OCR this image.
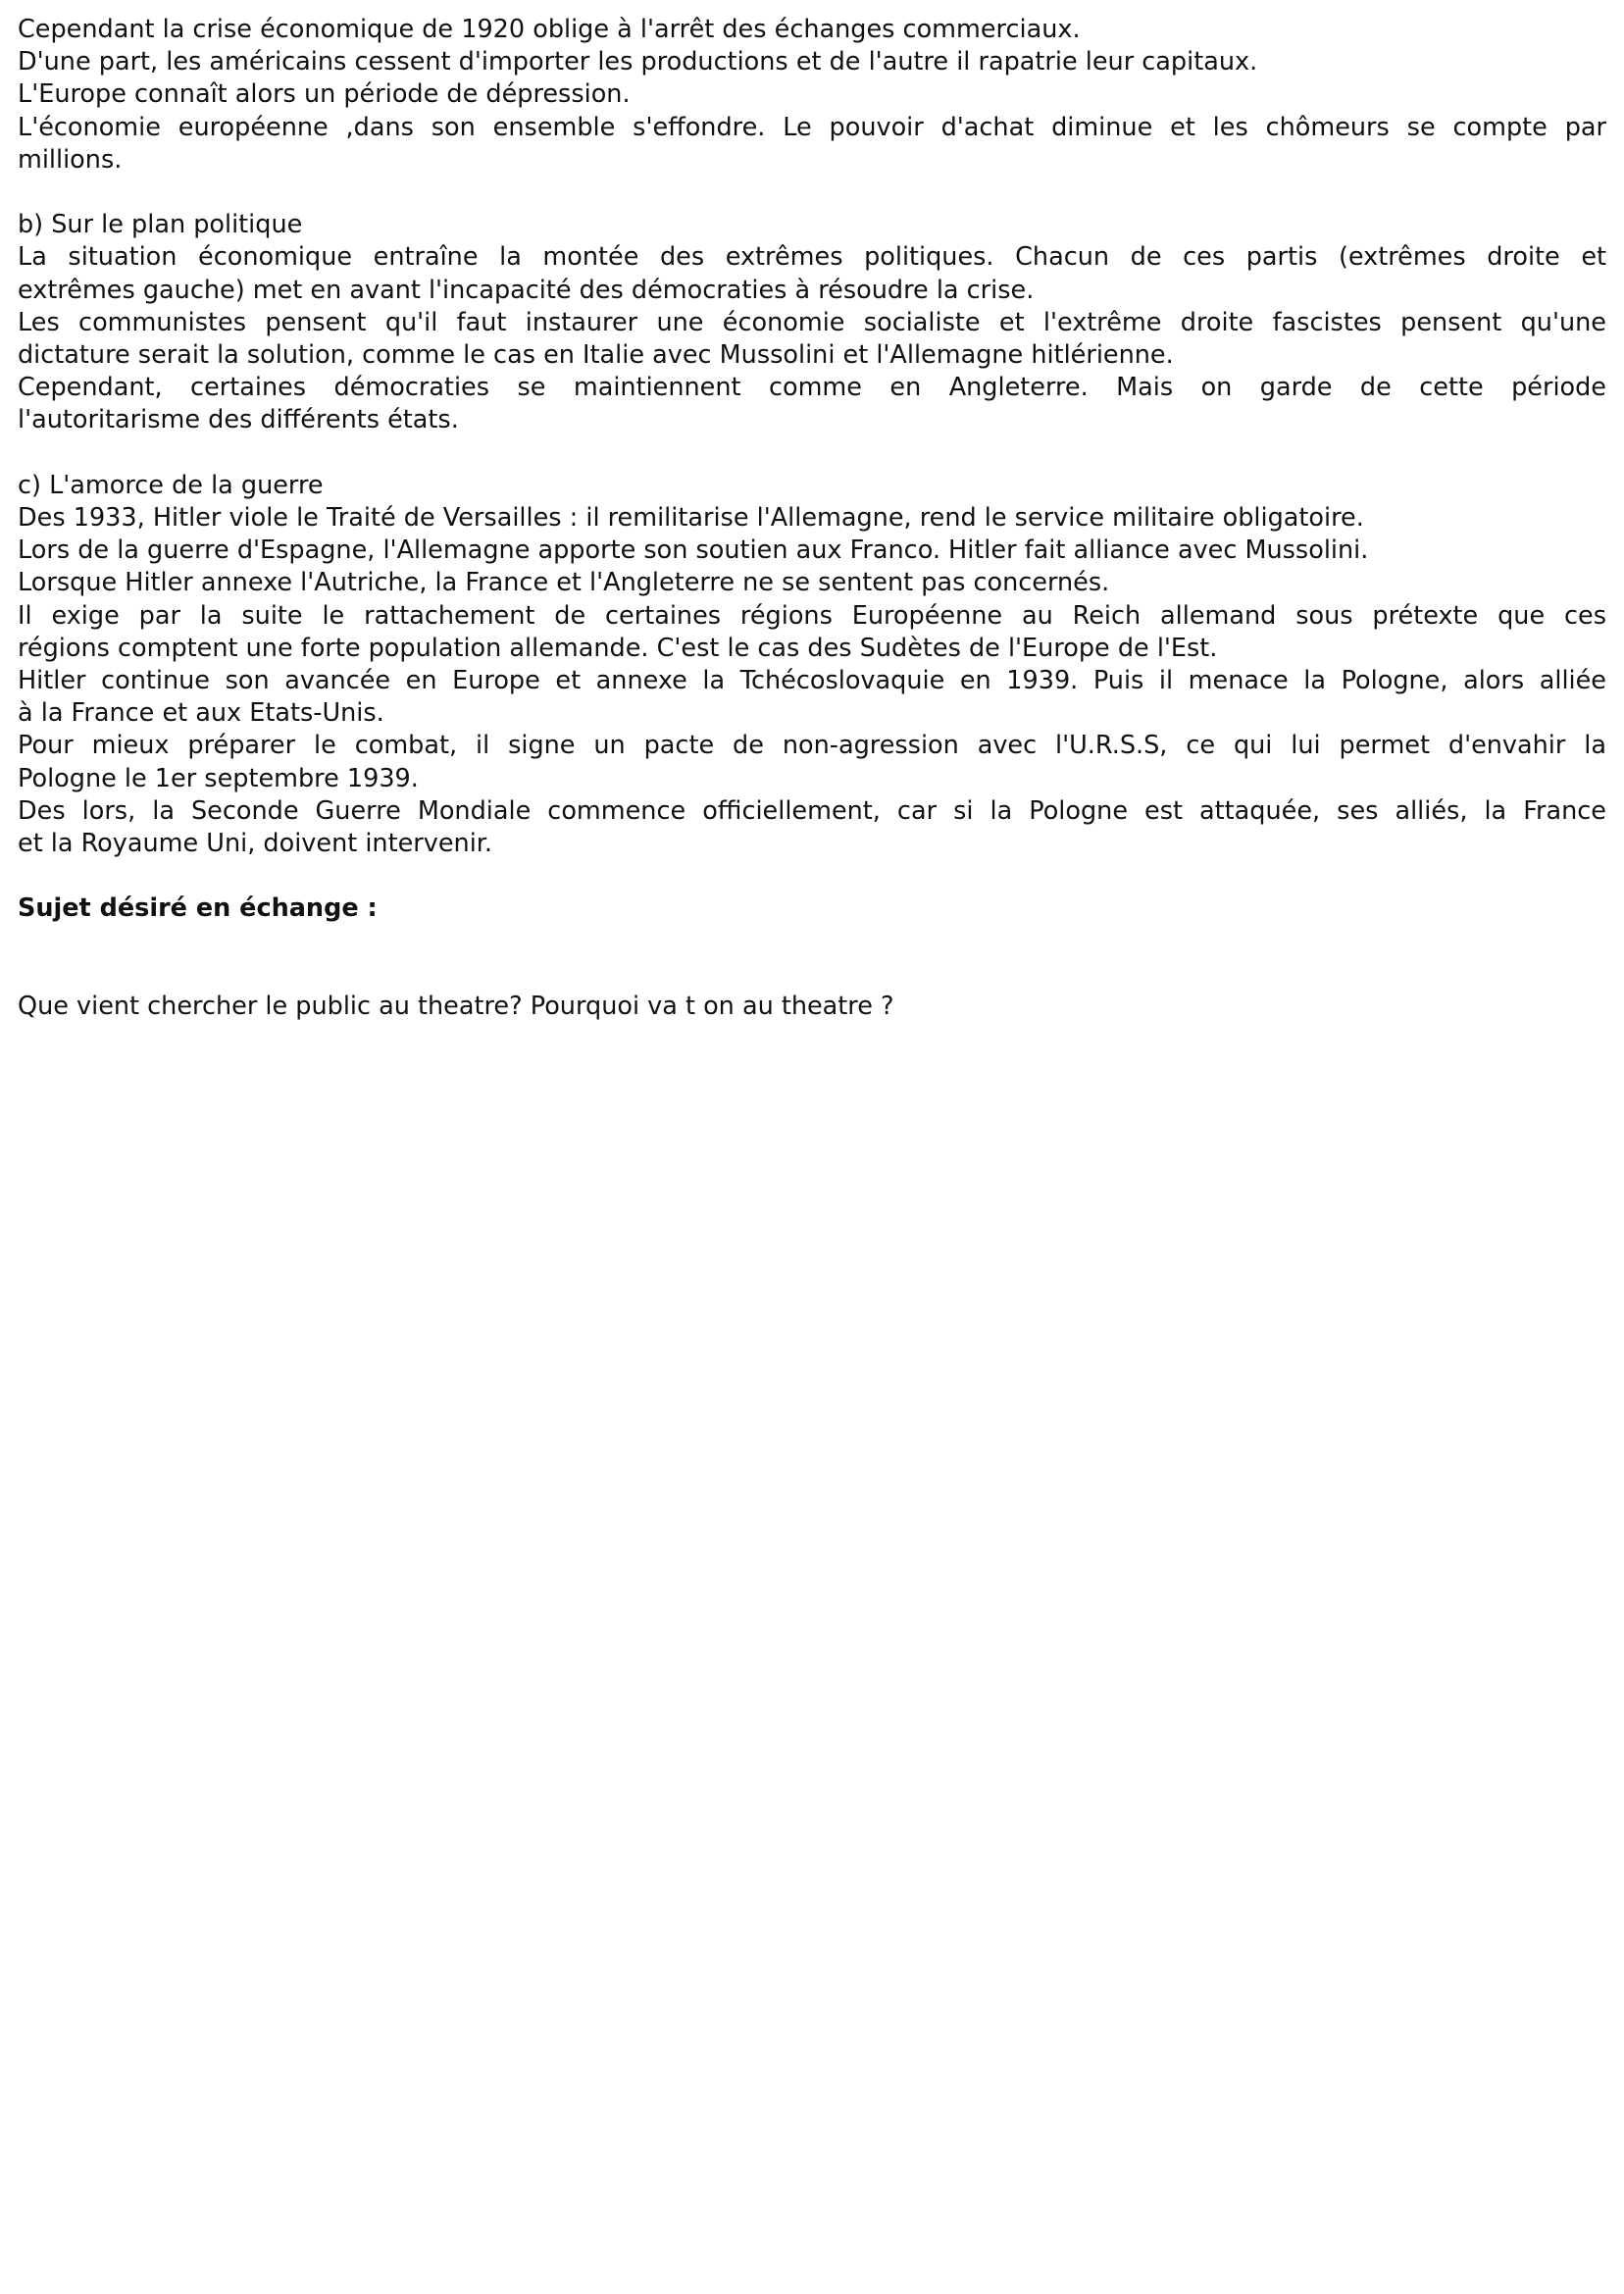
Cependant la crise économique de 1920 oblige à l'arrêt des échanges commerciaux.
D'une part, les américains cessent d'importer les productions et de l'autre il rapatrie leur capitaux.
L'Europe connaît alors un période de dépression.
L'économie européenne ,dans son ensemble s'effondre. Le pouvoir d'achat diminue et les chômeurs se compte par
millions.
b) Sur le plan politique
La situation économique entraîne la montée des extrêmes politiques. Chacun de ces partis (extrêmes droite et
extrêmes gauche) met en avant l'incapacité des démocraties à résoudre la crise.
Les communistes pensent qu'il faut instaurer une économie socialiste et l'extrême droite fascistes pensent qu'une
dictature serait la solution, comme le cas en Italie avec Mussolini et l'Allemagne hitlérienne.
Cependant, certaines démocraties se maintiennent comme en Angleterre. Mais on garde de cette période
l'autoritarisme des différents états.
c) L'amorce de la guerre
Des 1933, Hitler viole le Traité de Versailles : il remilitarise l'Allemagne, rend le service militaire obligatoire.
Lors de la guerre d'Espagne, l'Allemagne apporte son soutien aux Franco. Hitler fait alliance avec Mussolini.
Lorsque Hitler annexe l'Autriche, la France et l'Angleterre ne se sentent pas concernés.
Il exige par la suite le rattachement de certaines régions Européenne au Reich allemand sous prétexte que ces
régions comptent une forte population allemande. C'est le cas des Sudètes de l'Europe de l'Est.
Hitler continue son avancée en Europe et annexe la Tchécoslovaquie en 1939. Puis il menace la Pologne, alors alliée
à la France et aux Etats-Unis.
Pour mieux préparer le combat, il signe un pacte de non-agression avec l'U.R.S.S, ce qui lui permet d'envahir la
Pologne le 1er septembre 1939.
Des lors, la Seconde Guerre Mondiale commence officiellement, car si la Pologne est attaquée, ses alliés, la France
et la Royaume Uni, doivent intervenir.
Sujet désiré en échange :
Que vient chercher le public au theatre? Pourquoi va t on au theatre ?
